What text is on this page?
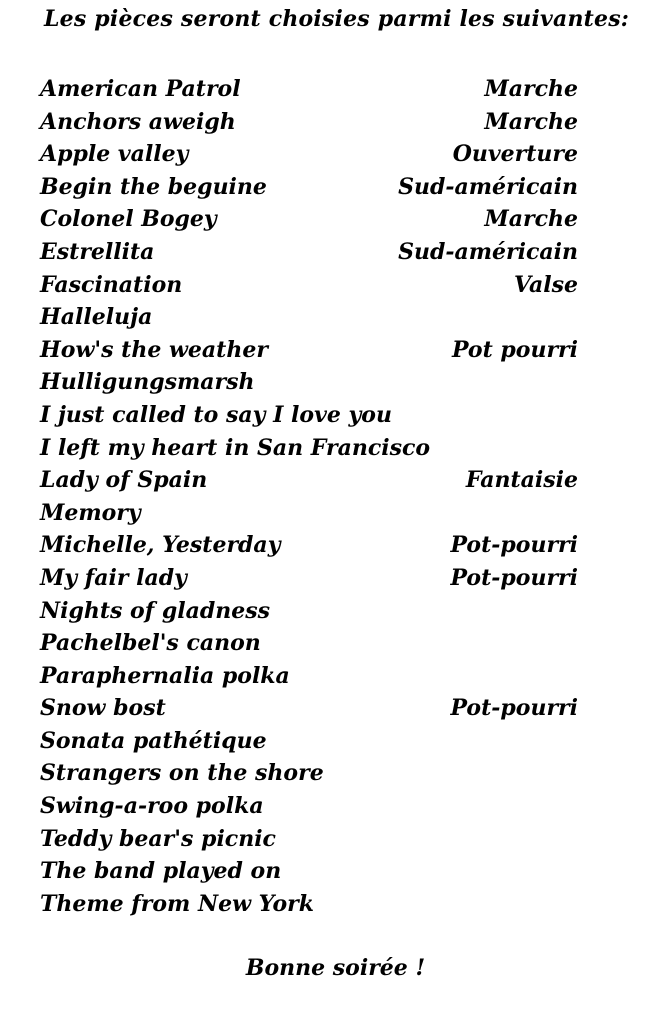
Les pièces seront choisies parmi les suivantes:
American Patrol	Marche
Anchors aweigh	Marche
Apple valley	Ouverture
Begin the beguine	Sud-américain
Colonel Bogey	Marche
Estrellita	Sud-américain
Fascination	Valse
Halleluja
How's the weather	Pot pourri
Hulligungsmarsh
I just called to say I love you
I left my heart in San Francisco
Lady of Spain	Fantaisie
Memory
Michelle, Yesterday	Pot-pourri
My fair lady	Pot-pourri
Nights of gladness
Pachelbel's canon
Paraphernalia polka
Snow bost	Pot-pourri
Sonata pathétique
Strangers on the shore
Swing-a-roo polka
Teddy bear's picnic
The band played on
Theme from New York
Bonne soirée !
